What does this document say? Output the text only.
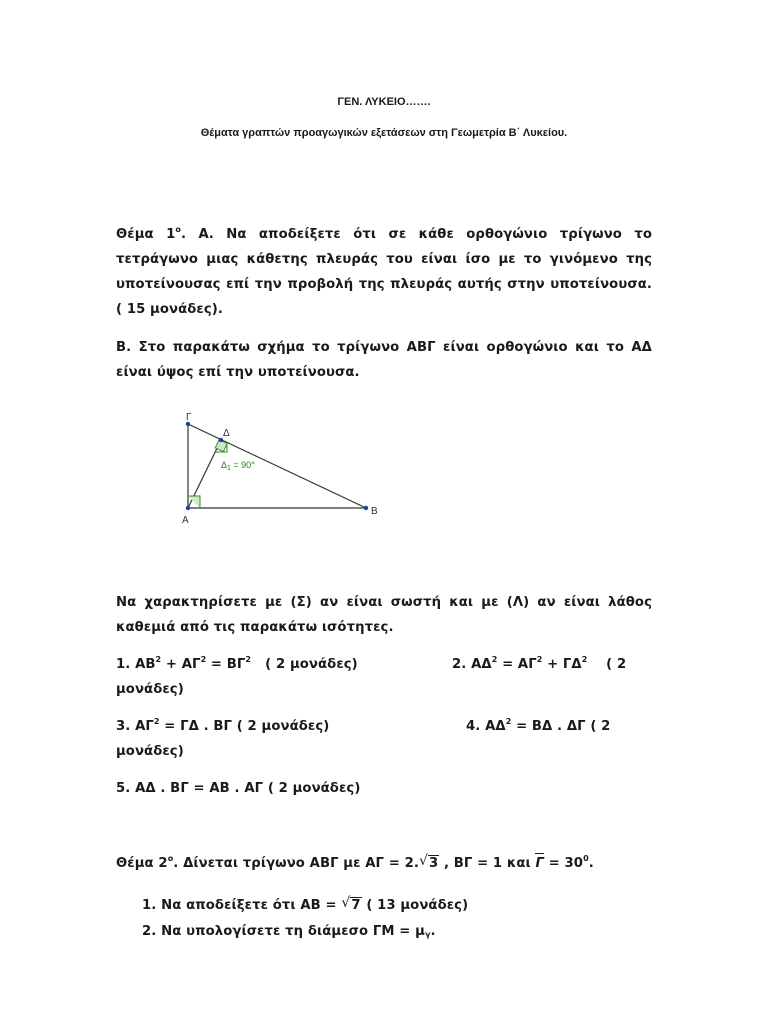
ΓΕΝ. ΛΥΚΕΙΟ…….
Θέματα γραπτών προαγωγικών εξετάσεων στη Γεωμετρία Β΄ Λυκείου.
Θέμα $1^o$. Α. Να αποδείξετε ότι σε κάθε ορθογώνιο τρίγωνο το τετράγωνο μιας κάθετης πλευράς του είναι ίσο με το γινόμενο της υποτείνουσας επί την προβολή της πλευράς αυτής στην υποτείνουσα. ( 15 μονάδες).
Β. Στο παρακάτω σχήμα το τρίγωνο ΑΒΓ είναι ορθογώνιο και το ΑΔ είναι ύψος επί την υποτείνουσα.
Γ
Δ
Α
Β
$\Delta_1 = 90^\circ$
Να χαρακτηρίσετε με (Σ) αν είναι σωστή και με (Λ) αν είναι λάθος καθεμιά από τις παρακάτω ισότητες.
1. $AB^2 + A\Gamma^2 = B\Gamma^2$   ( 2 μονάδες)	2. $A\Delta^2 = A\Gamma^2 + \Gamma\Delta^2$    ( 2
μονάδες)
3. $A\Gamma^2 = \Gamma\Delta$ . ΒΓ ( 2 μονάδες)	4. $A\Delta^2 = B\Delta$ . ΔΓ ( 2
μονάδες)
5. ΑΔ . ΒΓ = ΑΒ . ΑΓ ( 2 μονάδες)
Θέμα $2^o$. Δίνεται τρίγωνο ΑΒΓ με ΑΓ = 2. √ 3 , ΒΓ = 1 και $\Gamma = 30^0$.
1. Να αποδείξετε ότι ΑΒ = √ 7 ( 13 μονάδες)
2. Να υπολογίσετε τη διάμεσο $\Gamma M = \mu_\gamma$.
